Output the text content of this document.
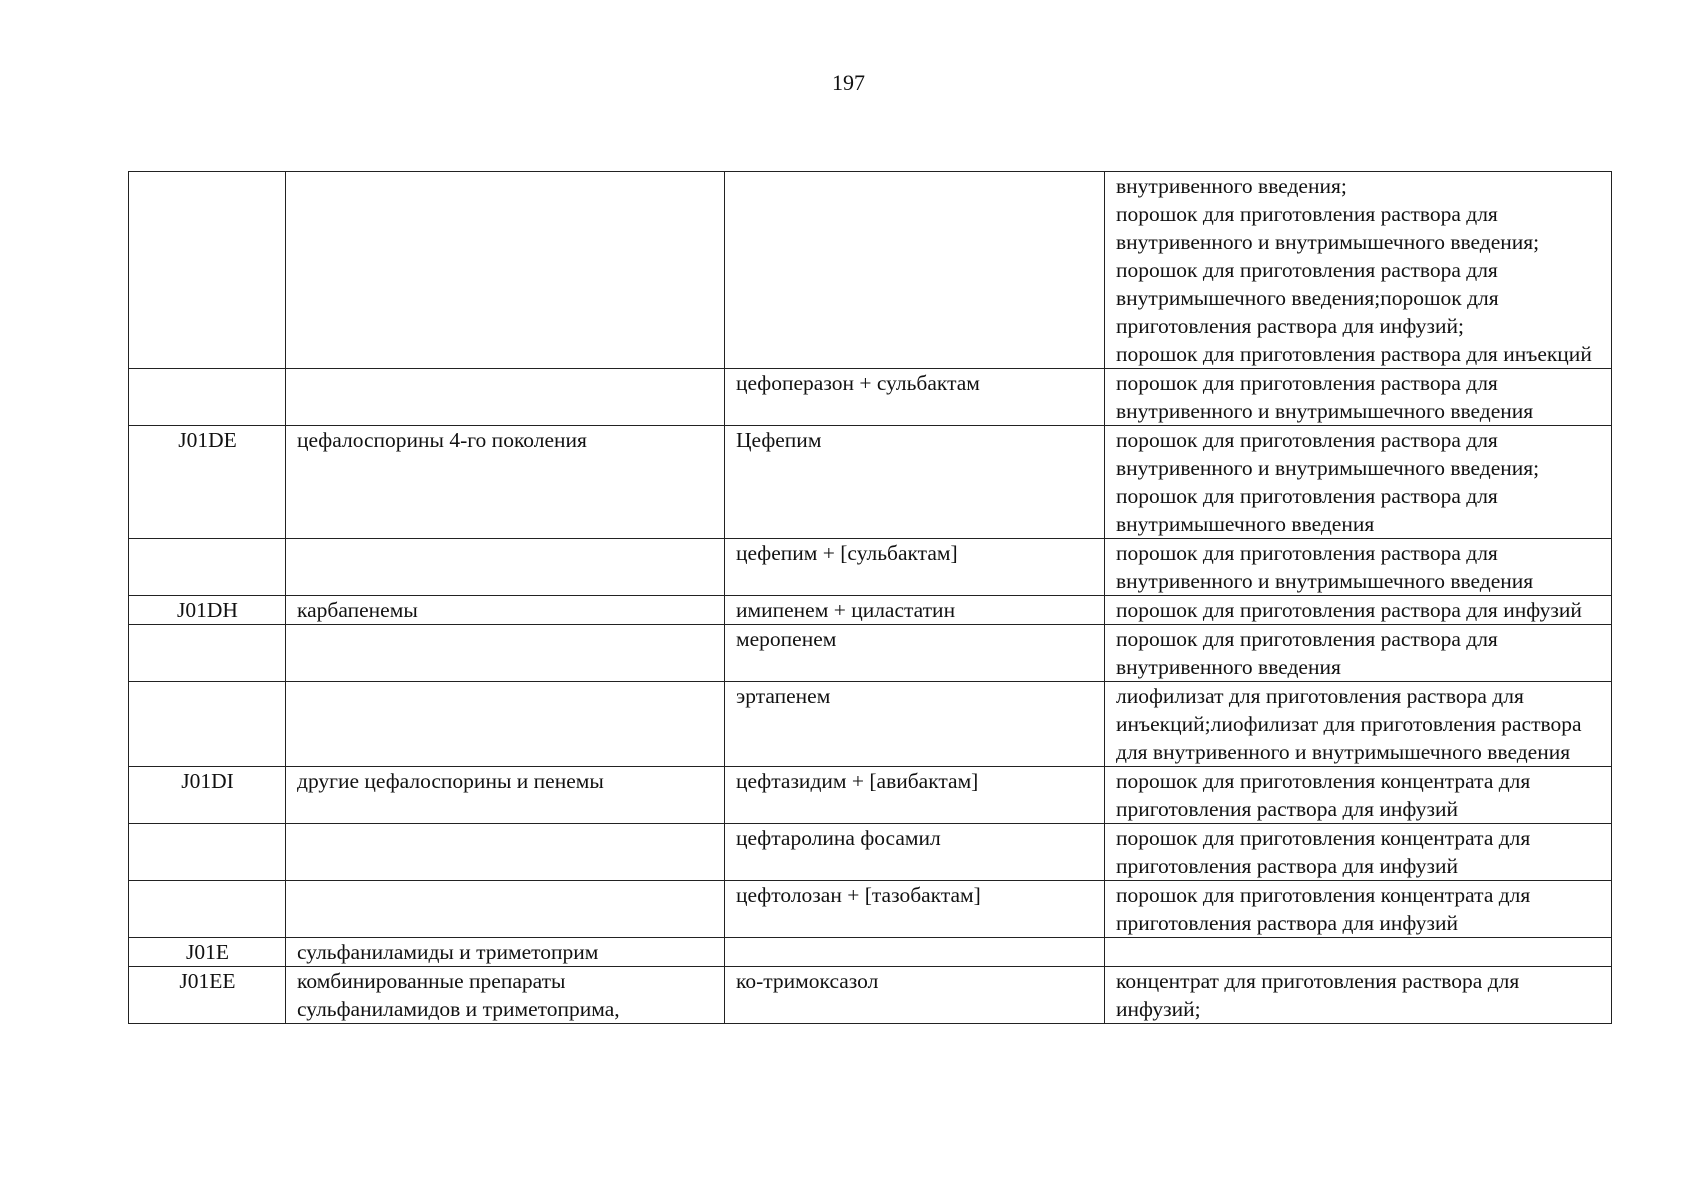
197
			внутривенного введения;
порошок для приготовления раствора для внутривенного и внутримышечного введения;
порошок для приготовления раствора для внутримышечного введения;порошок для приготовления раствора для инфузий;
порошок для приготовления раствора для инъекций
		цефоперазон + сульбактам	порошок для приготовления раствора для внутривенного и внутримышечного введения
J01DE	цефалоспорины 4-го поколения	Цефепим	порошок для приготовления раствора для внутривенного и внутримышечного введения;
порошок для приготовления раствора для внутримышечного введения
		цефепим + [сульбактам]	порошок для приготовления раствора для внутривенного и внутримышечного введения
J01DH	карбапенемы	имипенем + циластатин	порошок для приготовления раствора для инфузий
		меропенем	порошок для приготовления раствора для внутривенного введения
		эртапенем	лиофилизат для приготовления раствора для инъекций;лиофилизат для приготовления раствора для внутривенного и внутримышечного введения
J01DI	другие цефалоспорины и пенемы	цефтазидим + [авибактам]	порошок для приготовления концентрата для приготовления раствора для инфузий
		цефтаролина фосамил	порошок для приготовления концентрата для приготовления раствора для инфузий
		цефтолозан + [тазобактам]	порошок для приготовления концентрата для приготовления раствора для инфузий
J01E	сульфаниламиды и триметоприм		
J01EE	комбинированные препараты сульфаниламидов и триметоприма,	ко-тримоксазол	концентрат для приготовления раствора для инфузий;
